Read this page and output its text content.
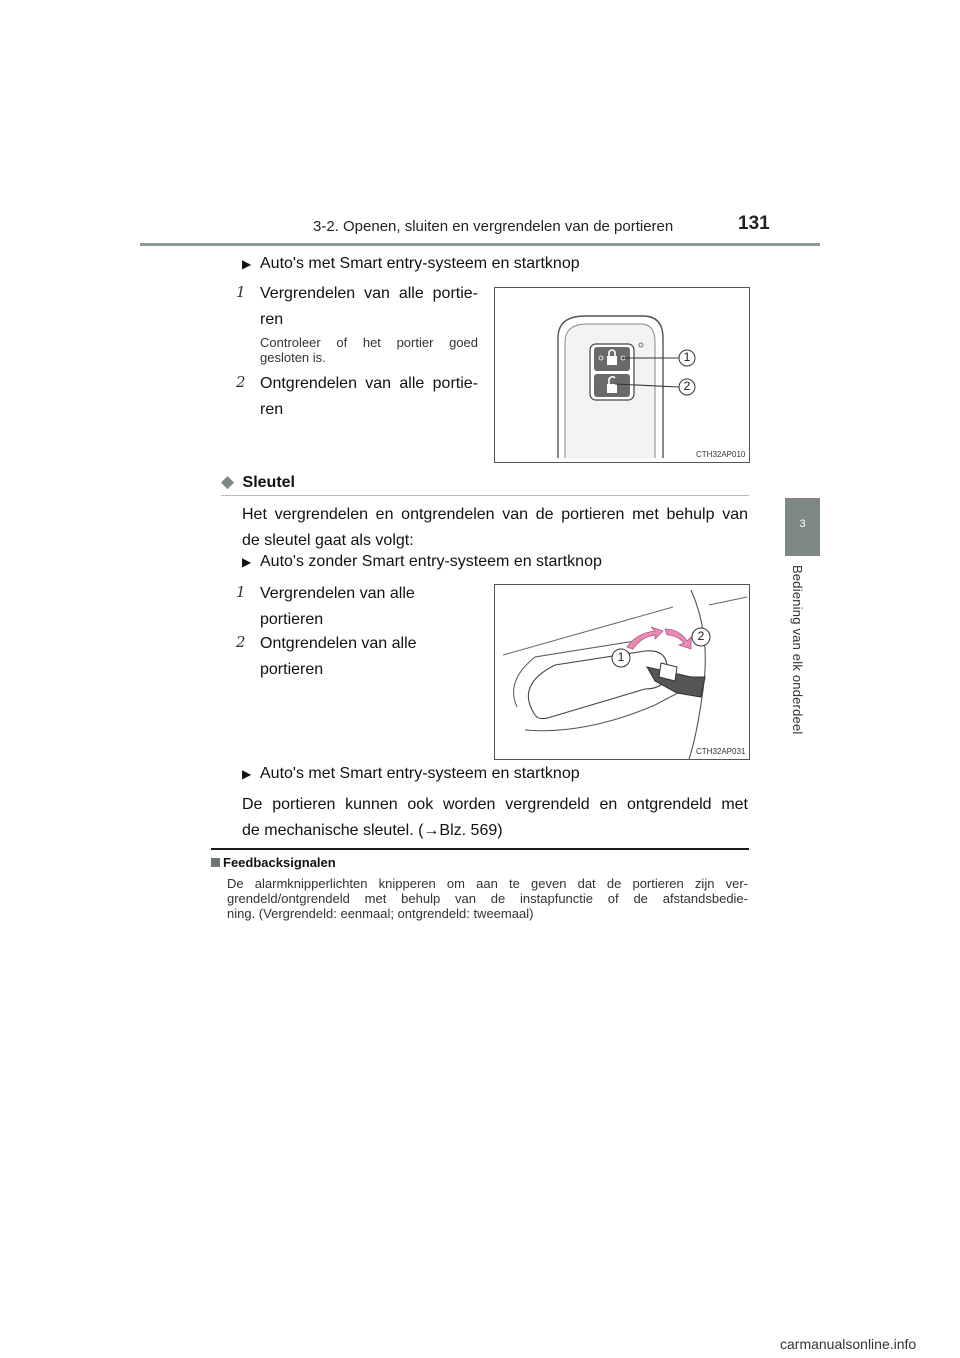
3-2. Openen, sluiten en vergrendelen van de portieren	131
3
Bediening van elk onderdeel
▶ Auto's met Smart entry-systeem en startknop
1 Vergrendelen van alle portie-
ren
Controleer of het portier goed
gesloten is.
2 Ontgrendelen van alle portie-
ren
1
2
CTH32AP010
◆ Sleutel
Het vergrendelen en ontgrendelen van de portieren met behulp van
de sleutel gaat als volgt:
▶ Auto's zonder Smart entry-systeem en startknop
1 Vergrendelen van alle
portieren
2 Ontgrendelen van alle
portieren
1
2
CTH32AP031
▶ Auto's met Smart entry-systeem en startknop
De portieren kunnen ook worden vergrendeld en ontgrendeld met
de mechanische sleutel. (→Blz. 569)
Feedbacksignalen
De alarmknipperlichten knipperen om aan te geven dat de portieren zijn ver-
grendeld/ontgrendeld met behulp van de instapfunctie of de afstandsbedie-
ning. (Vergrendeld: eenmaal; ontgrendeld: tweemaal)
carmanualsonline.info
